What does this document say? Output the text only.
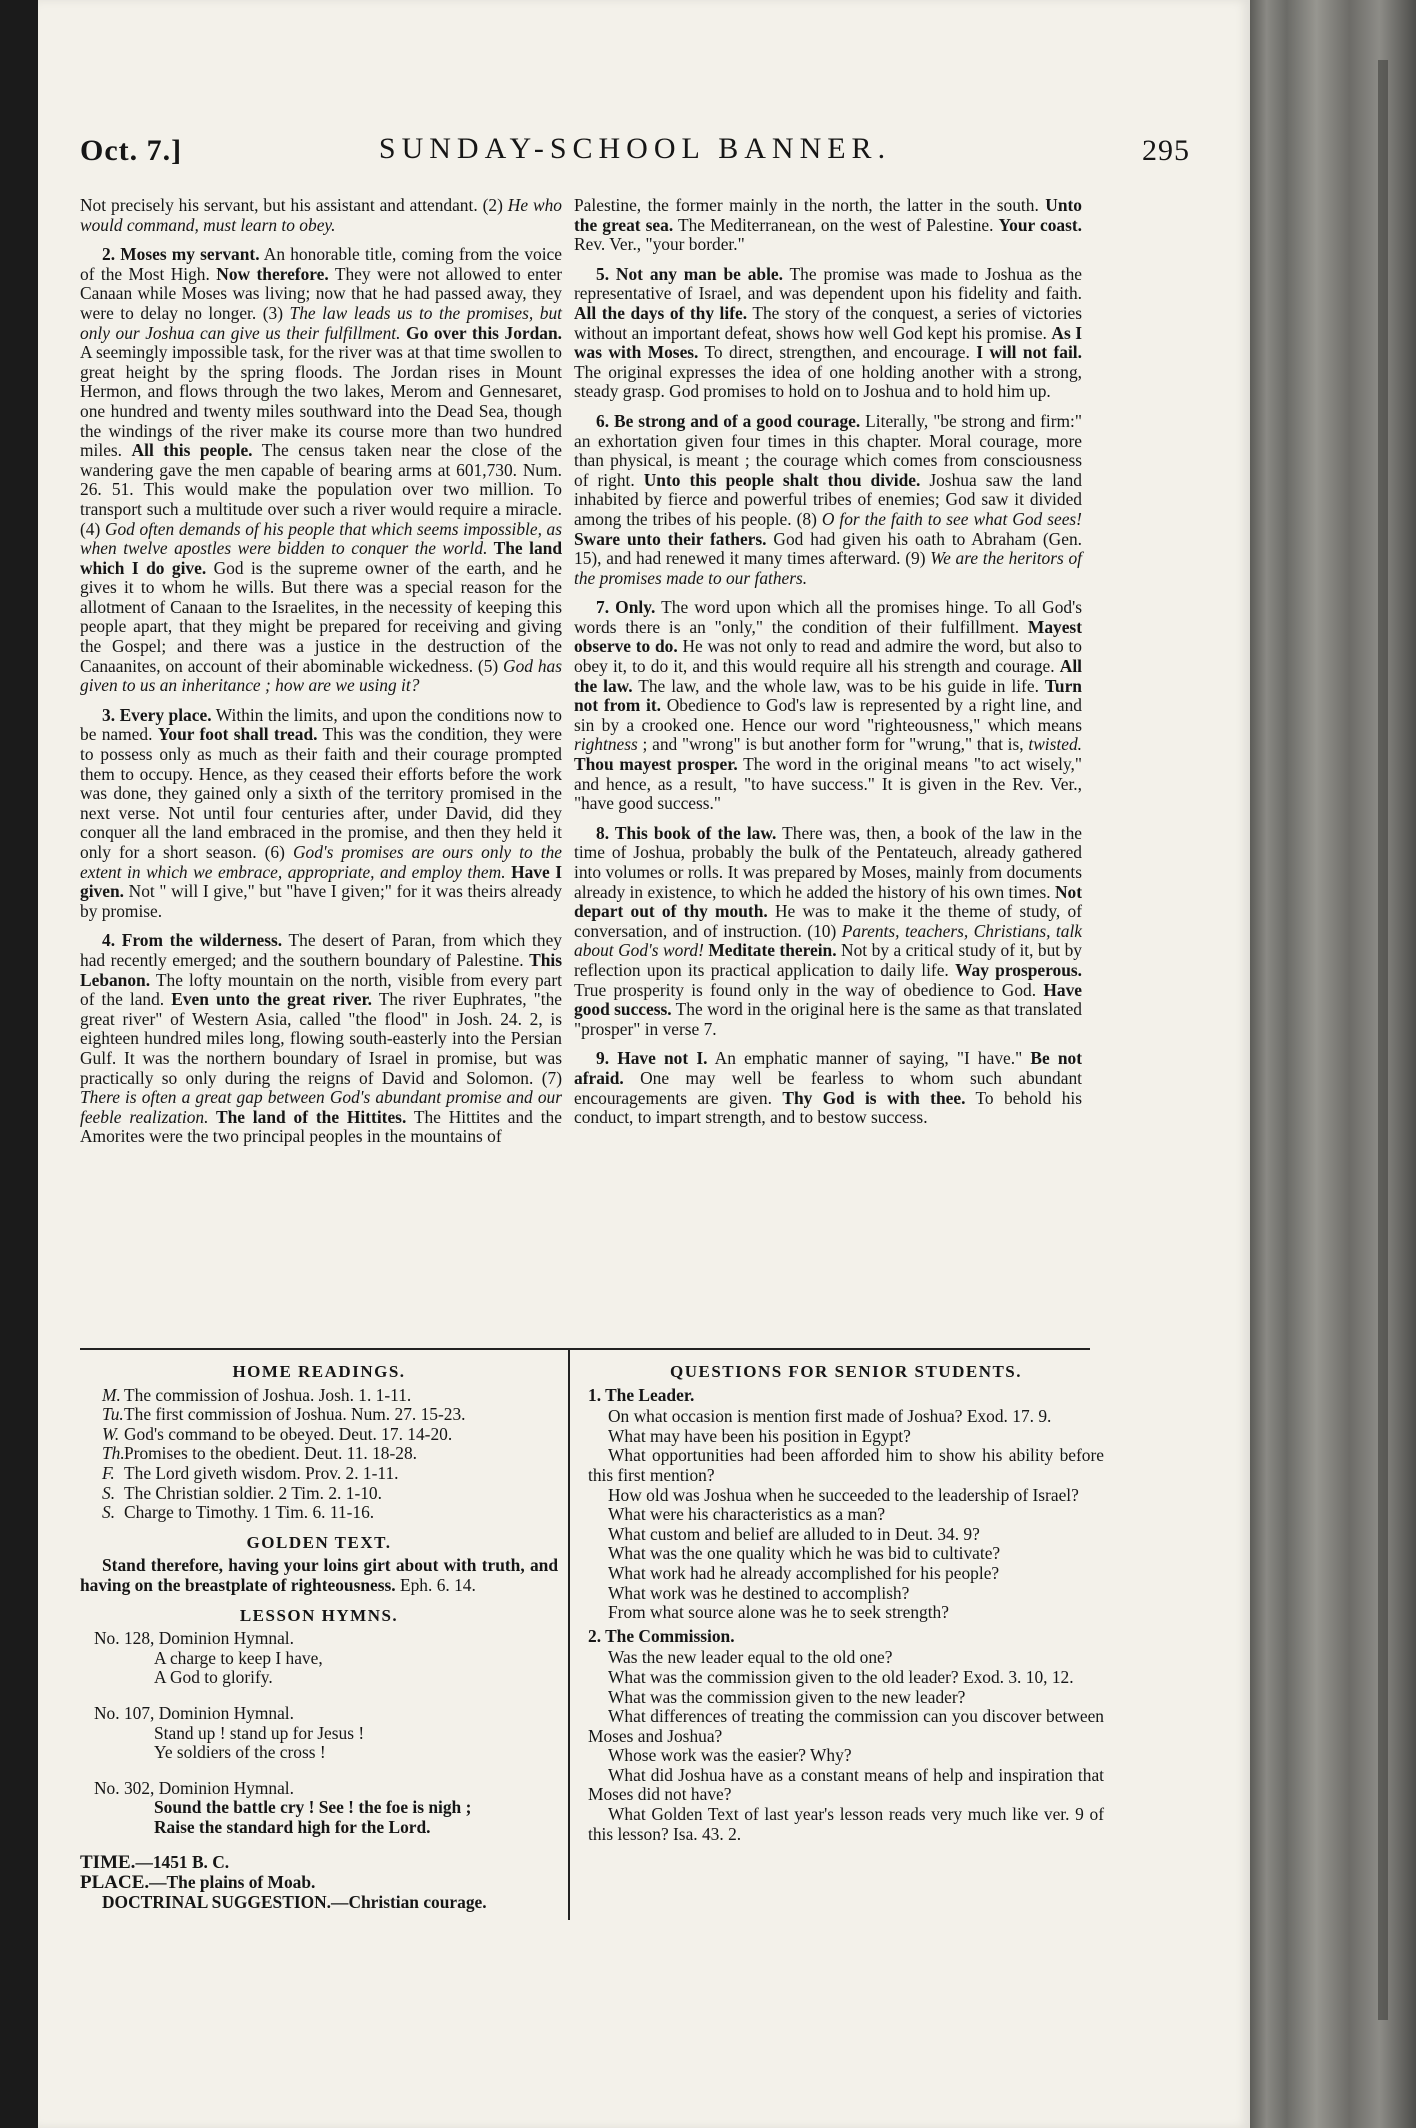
Oct. 7.]	SUNDAY-SCHOOL BANNER.	295

Not precisely his servant, but his assistant and attendant. (2) He who would command, must learn to obey.

2. Moses my servant. An honorable title, coming from the voice of the Most High. Now therefore. They were not allowed to enter Canaan while Moses was living; now that he had passed away, they were to delay no longer. (3) The law leads us to the promises, but only our Joshua can give us their fulfillment. Go over this Jordan. A seemingly impossible task, for the river was at that time swollen to great height by the spring floods. The Jordan rises in Mount Hermon, and flows through the two lakes, Merom and Gennesaret, one hundred and twenty miles southward into the Dead Sea, though the windings of the river make its course more than two hundred miles. All this people. The census taken near the close of the wandering gave the men capable of bearing arms at 601,730. Num. 26. 51. This would make the population over two million. To transport such a multitude over such a river would require a miracle. (4) God often demands of his people that which seems impossible, as when twelve apostles were bidden to conquer the world. The land which I do give. God is the supreme owner of the earth, and he gives it to whom he wills. But there was a special reason for the allotment of Canaan to the Israelites, in the necessity of keeping this people apart, that they might be prepared for receiving and giving the Gospel; and there was a justice in the destruction of the Canaanites, on account of their abominable wickedness. (5) God has given to us an inheritance ; how are we using it?

3. Every place. Within the limits, and upon the conditions now to be named. Your foot shall tread. This was the condition, they were to possess only as much as their faith and their courage prompted them to occupy. Hence, as they ceased their efforts before the work was done, they gained only a sixth of the territory promised in the next verse. Not until four centuries after, under David, did they conquer all the land embraced in the promise, and then they held it only for a short season. (6) God's promises are ours only to the extent in which we embrace, appropriate, and employ them. Have I given. Not " will I give," but "have I given;" for it was theirs already by promise.

4. From the wilderness. The desert of Paran, from which they had recently emerged; and the southern boundary of Palestine. This Lebanon. The lofty mountain on the north, visible from every part of the land. Even unto the great river. The river Euphrates, "the great river" of Western Asia, called "the flood" in Josh. 24. 2, is eighteen hundred miles long, flowing south-easterly into the Persian Gulf. It was the northern boundary of Israel in promise, but was practically so only during the reigns of David and Solomon. (7) There is often a great gap between God's abundant promise and our feeble realization. The land of the Hittites. The Hittites and the Amorites were the two principal peoples in the mountains of

Palestine, the former mainly in the north, the latter in the south. Unto the great sea. The Mediterranean, on the west of Palestine. Your coast. Rev. Ver., "your border."

5. Not any man be able. The promise was made to Joshua as the representative of Israel, and was dependent upon his fidelity and faith. All the days of thy life. The story of the conquest, a series of victories without an important defeat, shows how well God kept his promise. As I was with Moses. To direct, strengthen, and encourage. I will not fail. The original expresses the idea of one holding another with a strong, steady grasp. God promises to hold on to Joshua and to hold him up.

6. Be strong and of a good courage. Literally, "be strong and firm:" an exhortation given four times in this chapter. Moral courage, more than physical, is meant ; the courage which comes from consciousness of right. Unto this people shalt thou divide. Joshua saw the land inhabited by fierce and powerful tribes of enemies; God saw it divided among the tribes of his people. (8) O for the faith to see what God sees! Sware unto their fathers. God had given his oath to Abraham (Gen. 15), and had renewed it many times afterward. (9) We are the heritors of the promises made to our fathers.

7. Only. The word upon which all the promises hinge. To all God's words there is an "only," the condition of their fulfillment. Mayest observe to do. He was not only to read and admire the word, but also to obey it, to do it, and this would require all his strength and courage. All the law. The law, and the whole law, was to be his guide in life. Turn not from it. Obedience to God's law is represented by a right line, and sin by a crooked one. Hence our word "righteousness," which means rightness ; and "wrong" is but another form for "wrung," that is, twisted. Thou mayest prosper. The word in the original means "to act wisely," and hence, as a result, "to have success." It is given in the Rev. Ver., "have good success."

8. This book of the law. There was, then, a book of the law in the time of Joshua, probably the bulk of the Pentateuch, already gathered into volumes or rolls. It was prepared by Moses, mainly from documents already in existence, to which he added the history of his own times. Not depart out of thy mouth. He was to make it the theme of study, of conversation, and of instruction. (10) Parents, teachers, Christians, talk about God's word! Meditate therein. Not by a critical study of it, but by reflection upon its practical application to daily life. Way prosperous. True prosperity is found only in the way of obedience to God. Have good success. The word in the original here is the same as that translated "prosper" in verse 7.

9. Have not I. An emphatic manner of saying, "I have." Be not afraid. One may well be fearless to whom such abundant encouragements are given. Thy God is with thee. To behold his conduct, to impart strength, and to bestow success.

HOME READINGS.
M. The commission of Joshua. Josh. 1. 1-11.
Tu.The first commission of Joshua. Num. 27. 15-23.
W. God's command to be obeyed. Deut. 17. 14-20.
Th.Promises to the obedient. Deut. 11. 18-28.
F. The Lord giveth wisdom. Prov. 2. 1-11.
S. The Christian soldier. 2 Tim. 2. 1-10.
S. Charge to Timothy. 1 Tim. 6. 11-16.
GOLDEN TEXT.

Stand therefore, having your loins girt about with truth, and having on the breastplate of righteousness. Eph. 6. 14.

LESSON HYMNS.
No. 128, Dominion Hymnal.
A charge to keep I have,
A God to glorify.
No. 107, Dominion Hymnal.
Stand up ! stand up for Jesus !
Ye soldiers of the cross !
No. 302, Dominion Hymnal.
Sound the battle cry ! See ! the foe is nigh ;
Raise the standard high for the Lord.
TIME.—1451 B. C.
PLACE.—The plains of Moab.
DOCTRINAL SUGGESTION.—Christian courage.
QUESTIONS FOR SENIOR STUDENTS.
1. The Leader.

On what occasion is mention first made of Joshua? Exod. 17. 9.

What may have been his position in Egypt?

What opportunities had been afforded him to show his ability before this first mention?

How old was Joshua when he succeeded to the leadership of Israel?

What were his characteristics as a man?

What custom and belief are alluded to in Deut. 34. 9?

What was the one quality which he was bid to cultivate?

What work had he already accomplished for his people?

What work was he destined to accomplish?

From what source alone was he to seek strength?

2. The Commission.

Was the new leader equal to the old one?

What was the commission given to the old leader? Exod. 3. 10, 12.

What was the commission given to the new leader?

What differences of treating the commission can you discover between Moses and Joshua?

Whose work was the easier? Why?

What did Joshua have as a constant means of help and inspiration that Moses did not have?

What Golden Text of last year's lesson reads very much like ver. 9 of this lesson? Isa. 43. 2.
